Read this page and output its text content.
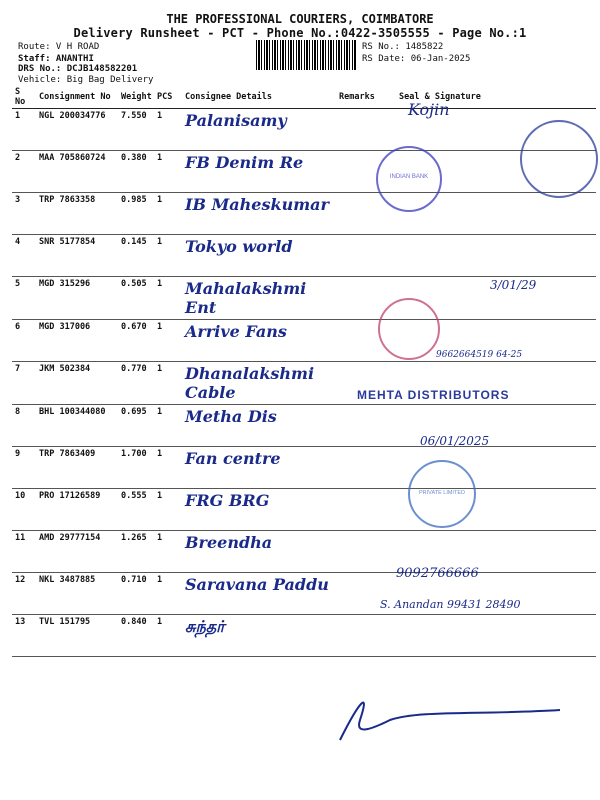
THE PROFESSIONAL COURIERS, COIMBATORE
Delivery Runsheet - PCT - Phone No.:0422-3505555 - Page No.:1
Route: V H ROAD
Staff: ANANTHI
DRS No.: DCJB148582201
Vehicle: Big Bag Delivery
RS No.: 1485822
RS Date: 06-Jan-2025
S No	Consignment No	Weight	PCS	Consignee Details	Remarks	Seal & Signature
1	NGL 200034776	7.550	1	Palanisamy		
2	MAA 705860724	0.380	1	FB Denim Re		
3	TRP 7863358	0.985	1	IB Maheskumar		
4	SNR 5177854	0.145	1	Tokyo world		
5	MGD 315296	0.505	1	Mahalakshmi Ent		
6	MGD 317006	0.670	1	Arrive Fans		
7	JKM 502384	0.770	1	Dhanalakshmi Cable		
8	BHL 100344080	0.695	1	Metha Dis		
9	TRP 7863409	1.700	1	Fan centre		
10	PRO 17126589	0.555	1	FRG BRG		
11	AMD 29777154	1.265	1	Breendha		
12	NKL 3487885	0.710	1	Saravana Paddu		
13	TVL 151795	0.840	1	சுந்தர்		
INDIAN BANK
PRIVATE LIMITED
MEHTA DISTRIBUTORS
Kojin
3/01/29
9662664519 64-25
06/01/2025
9092766666
S. Anandan 99431 28490
